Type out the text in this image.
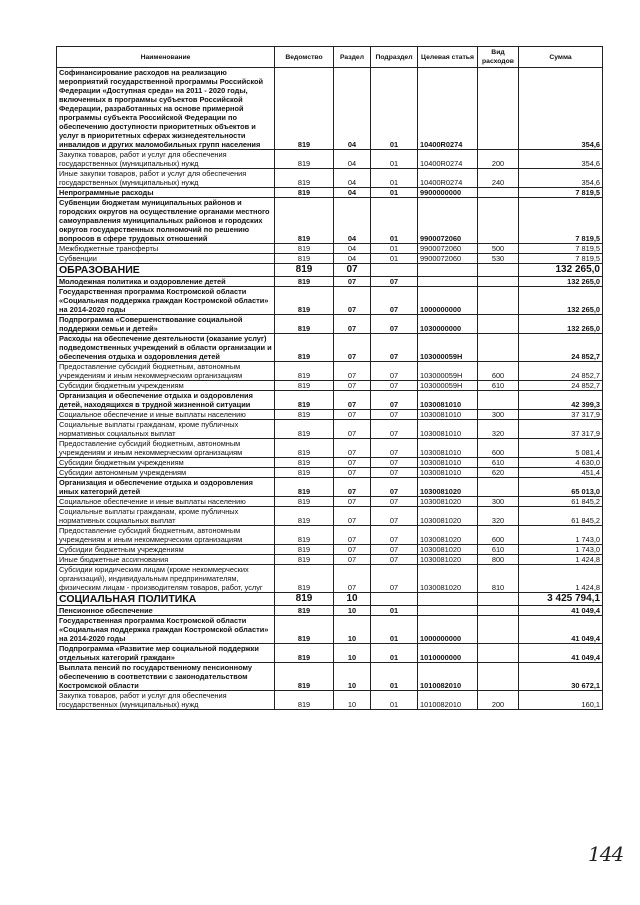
Наименование	Ведомство	Раздел	Подраздел	Целевая статья	Вид расходов	Сумма
Софинансирование расходов на реализацию мероприятий государственной программы Российской Федерации «Доступная среда» на 2011 - 2020 годы, включенных в программы субъектов Российской Федерации, разработанных на основе примерной программы субъекта Российской Федерации по обеспечению доступности приоритетных объектов и услуг в приоритетных сферах жизнедеятельности инвалидов и других маломобильных групп населения	819	04	01	10400R0274		354,6
Закупка товаров, работ и услуг для обеспечения государственных (муниципальных) нужд	819	04	01	10400R0274	200	354,6
Иные закупки товаров, работ и услуг для обеспечения государственных (муниципальных) нужд	819	04	01	10400R0274	240	354,6
Непрограммные расходы	819	04	01	9900000000		7 819,5
Субвенции бюджетам муниципальных районов и городских округов на осуществление органами местного самоуправления муниципальных районов и городских округов государственных полномочий по решению вопросов в сфере трудовых отношений	819	04	01	9900072060		7 819,5
Межбюджетные трансферты	819	04	01	9900072060	500	7 819,5
Субвенции	819	04	01	9900072060	530	7 819,5
ОБРАЗОВАНИЕ	819	07				132 265,0
Молодежная политика и оздоровление детей	819	07	07			132 265,0
Государственная программа Костромской области «Социальная поддержка граждан Костромской области» на 2014-2020 годы	819	07	07	1000000000		132 265,0
Подпрограмма «Совершенствование социальной поддержки семьи и детей»	819	07	07	1030000000		132 265,0
Расходы на обеспечение деятельности (оказание услуг) подведомственных учреждений в области организации и обеспечения отдыха и оздоровления детей	819	07	07	103000059H		24 852,7
Предоставление субсидий бюджетным, автономным учреждениям и иным некоммерческим организациям	819	07	07	103000059H	600	24 852,7
Субсидии бюджетным учреждениям	819	07	07	103000059H	610	24 852,7
Организация и обеспечение отдыха и оздоровления детей, находящихся в трудной жизненной ситуации	819	07	07	1030081010		42 399,3
Социальное обеспечение и иные выплаты населению	819	07	07	1030081010	300	37 317,9
Социальные выплаты гражданам, кроме публичных нормативных социальных выплат	819	07	07	1030081010	320	37 317,9
Предоставление субсидий бюджетным, автономным учреждениям и иным некоммерческим организациям	819	07	07	1030081010	600	5 081,4
Субсидии бюджетным учреждениям	819	07	07	1030081010	610	4 630,0
Субсидии автономным учреждениям	819	07	07	1030081010	620	451,4
Организация и обеспечение отдыха и оздоровления иных категорий детей	819	07	07	1030081020		65 013,0
Социальное обеспечение и иные выплаты населению	819	07	07	1030081020	300	61 845,2
Социальные выплаты гражданам, кроме публичных нормативных социальных выплат	819	07	07	1030081020	320	61 845,2
Предоставление субсидий бюджетным, автономным учреждениям и иным некоммерческим организациям	819	07	07	1030081020	600	1 743,0
Субсидии бюджетным учреждениям	819	07	07	1030081020	610	1 743,0
Иные бюджетные ассигнования	819	07	07	1030081020	800	1 424,8
Субсидии юридическим лицам (кроме некоммерческих организаций), индивидуальным предпринимателям, физическим лицам - производителям товаров, работ, услуг	819	07	07	1030081020	810	1 424,8
СОЦИАЛЬНАЯ ПОЛИТИКА	819	10				3 425 794,1
Пенсионное обеспечение	819	10	01			41 049,4
Государственная программа Костромской области «Социальная поддержка граждан Костромской области» на 2014-2020 годы	819	10	01	1000000000		41 049,4
Подпрограмма «Развитие мер социальной поддержки отдельных категорий граждан»	819	10	01	1010000000		41 049,4
Выплата пенсий по государственному пенсионному обеспечению в соответствии с законодательством Костромской области	819	10	01	1010082010		30 672,1
Закупка товаров, работ и услуг для обеспечения государственных (муниципальных) нужд	819	10	01	1010082010	200	160,1
144
